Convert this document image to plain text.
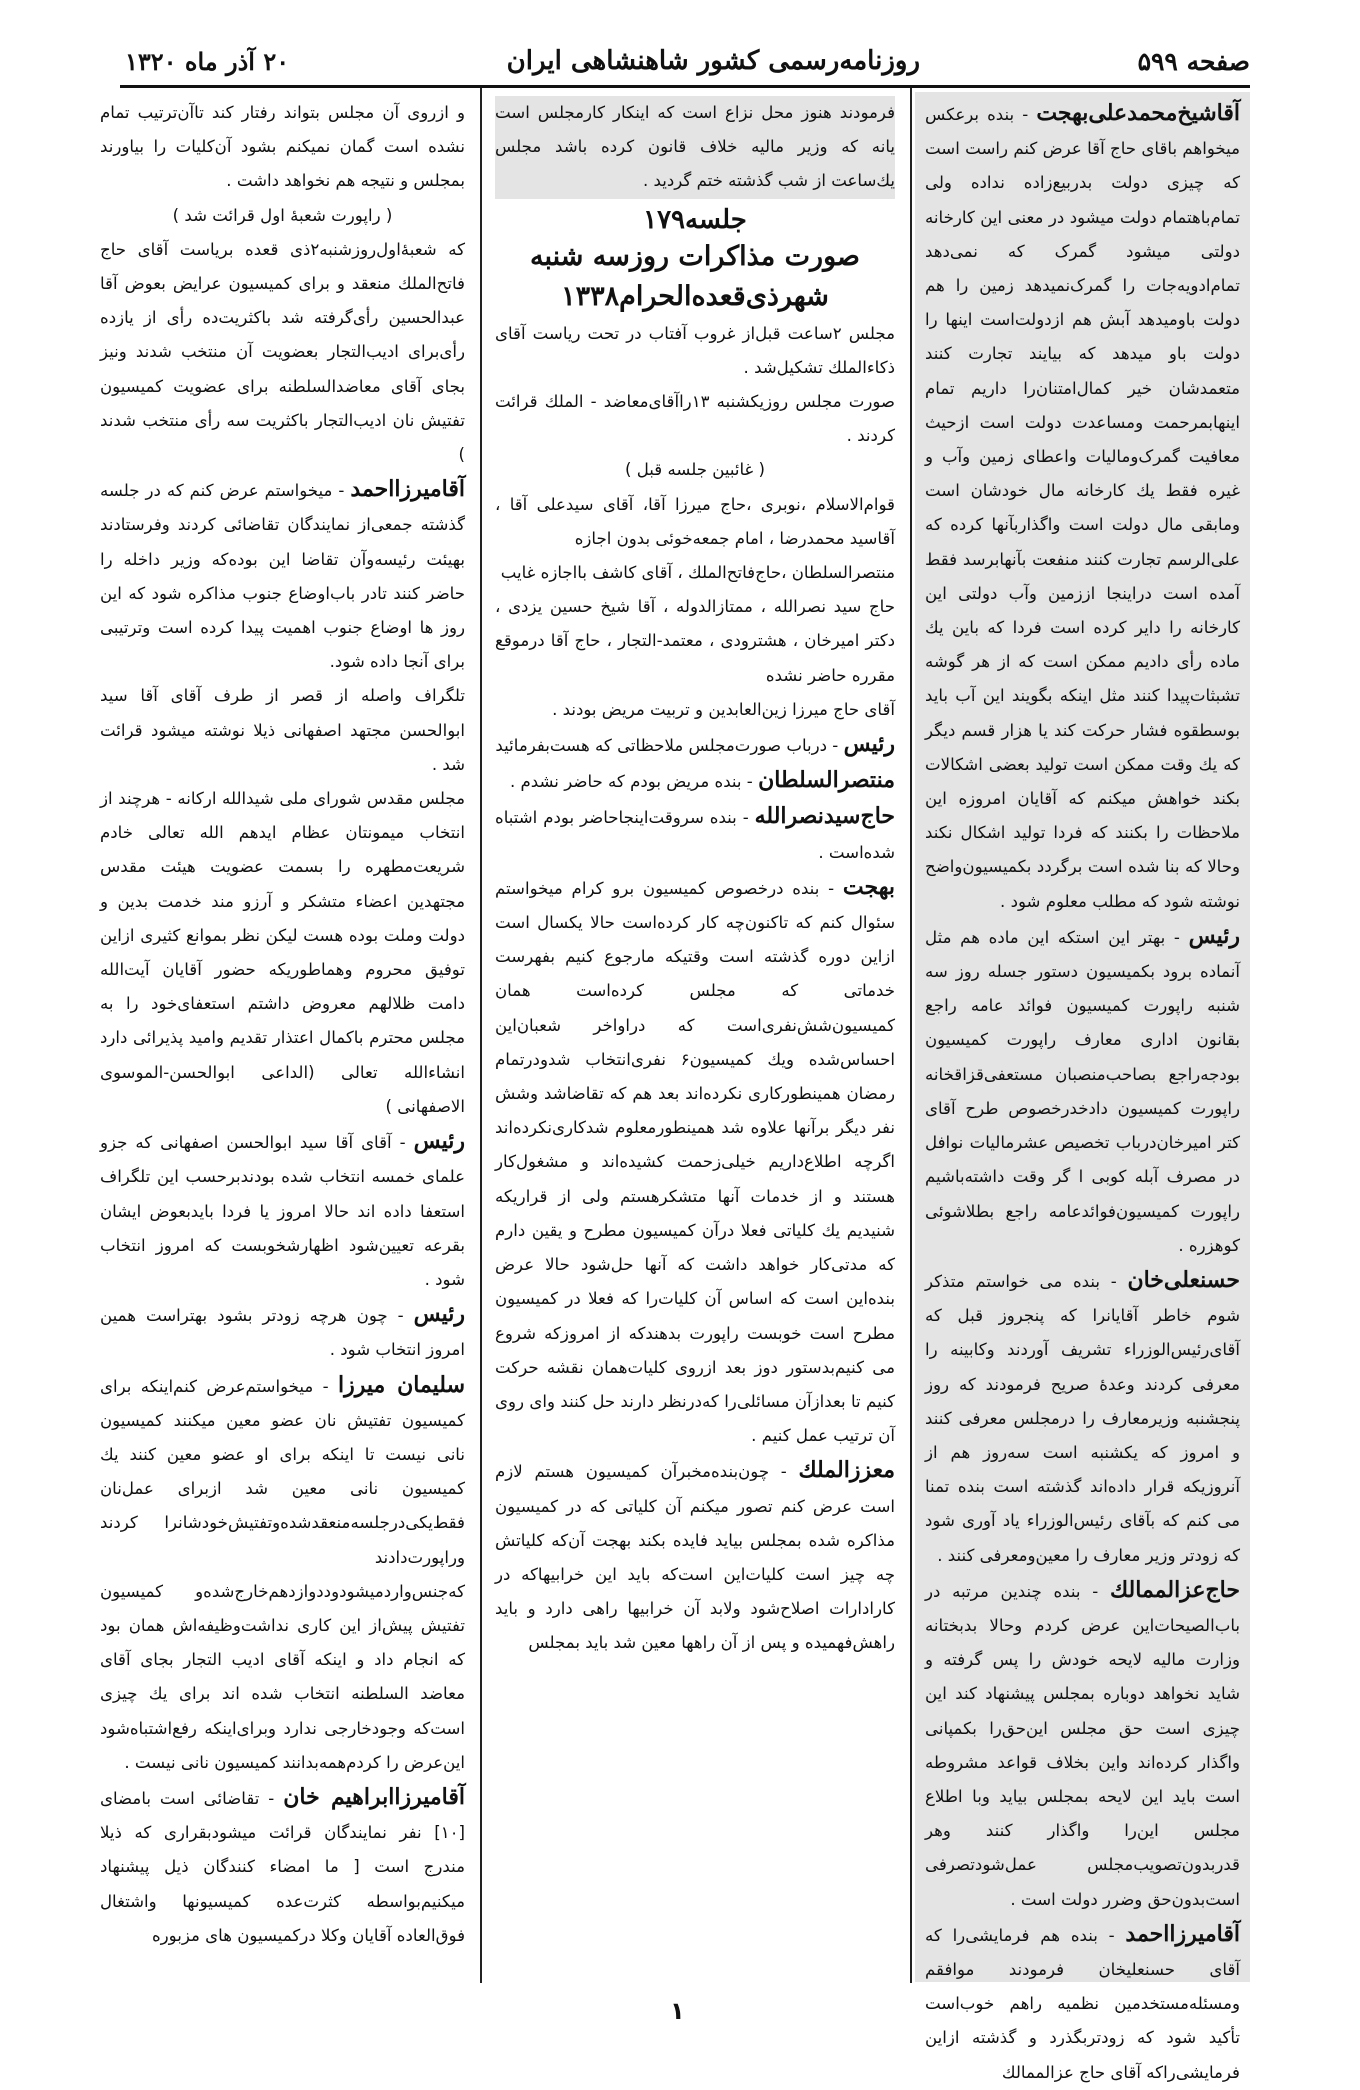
صفحه ۵۹۹
روزنامه‌رسمی کشور شاهنشاهی ایران
۲۰ آذر ماه ۱۳۲۰

آقاشیخ‌محمدعلی‌بهجت - بنده برعکس میخواهم باقای حاج آقا عرض کنم راست است که چیزی دولت بدربیع‌زاده نداده ولی تمام‌باهتمام دولت میشود در معنی این کارخانه دولتی میشود گمرک که نمی‌دهد تمام‌ادویه‌جات را گمرک‌نمیدهد زمین را هم دولت باومیدهد آبش هم ازدولت‌است اینها را دولت باو میدهد که بیایند تجارت کنند متعمدشان خیر کمال‌امتنان‌را داریم تمام اینها‌بمرحمت ومساعدت دولت است ازحیث معافیت گمرک‌ومالیات واعطای زمین وآب و غیره فقط یك کارخانه مال خودشان است ومابقی مال دولت است واگذار‌بآنها کرده که علی‌الرسم تجارت کنند منفعت بآنها‌برسد فقط آمده است دراینجا اززمین وآب دولتی این کارخانه را دایر کرده است فردا که باین یك ماده رأی دادیم ممکن است که از هر گوشه تشبثات‌پیدا کنند مثل اینکه بگویند این آب باید بوسطقوه فشار حرکت کند یا هزار قسم دیگر که یك وقت ممکن است تولید بعضی اشکالات بکند خواهش میکنم که آقایان امروزه این ملاحظات را بکنند که فردا تولید اشکال نکند وحالا که بنا شده است برگردد بکمیسیون‌واضح نوشته شود که مطلب معلوم شود .

رئیس - بهتر این استکه این ماده هم مثل آنماده برود بکمیسیون دستور جسله روز سه شنبه راپورت کمیسیون فوائد عامه راجع بقانون اداری معارف راپورت کمیسیون بودجه‌راجع بصاحب‌منصبان مستعفی‌قزاقخانه راپورت کمیسیون دادخدرخصوص طرح آقای کتر امیرخان‌درباب تخصیص عشر‌مالیات نوافل در مصرف آبله کوبی ا گر وقت داشته‌باشیم راپورت کمیسیون‌فوائدعامه راجع بطلاشوئی کوهزره .

حسنعلی‌خان - بنده می خواستم متذکر شوم خاطر آقایانرا که پنجروز قبل که آقای‌رئیس‌الوزراء تشریف آوردند وکابینه را معرفی کردند وعدهٔ صریح فرمودند که روز پنجشنبه وزیرمعارف را درمجلس معرفی کنند و امروز که یکشنبه است سه‌روز هم از آنروزیکه قرار داده‌اند گذشته است بنده تمنا می کنم که بآقای رئیس‌الوزراء یاد آوری شود که زودتر وزیر معارف را معین‌ومعرفی کنند .

حاج‌عزالممالك - بنده چندین مرتبه در باب‌الصیحات‌این عرض کردم وحالا بدبختانه وزارت مالیه لایحه خودش را پس گرفته و شاید نخواهد دوباره بمجلس پیشنهاد کند این چیزی است حق مجلس این‌حق‌را بکمپانی واگذار کرده‌اند واین بخلاف قواعد مشروطه است باید این لایحه بمجلس بیاید وبا اطلاع مجلس این‌را واگذار کنند وهر قدربدون‌تصویب‌مجلس عمل‌شودتصرفی است‌بدون‌حق وضرر دولت است .

آقامیرزااحمد - بنده هم فرمایشی‌را که آقای حسنعلیخان فرمودند موافقم ومسئله‌مستخدمین نظمیه راهم خوب‌است تأکید شود که زودتربگذرد و گذشته ازاین فرمایشی‌راکه آقای حاج عزالممالك

فرمودند هنوز محل نزاع است که اینکار کارمجلس است یانه که وزیر مالیه خلاف قانون کرده باشد مجلس یك‌ساعت از شب گذشته ختم گردید .

جلسه۱۷۹

صورت مذاکرات روزسه شنبه

شهرذی‌قعده‌الحرام۱۳۳۸

مجلس ۲ساعت قبل‌از غروب آفتاب در تحت ریاست آقای ذکاءالملك تشکیل‌شد .

صورت مجلس روزیکشنبه ۱۳راآقای‌معاضد - الملك قرائت کردند .

( غائبین جلسه قبل )

قوام‌الاسلام ،نوبری ،حاج میرزا آقا، آقای سیدعلی آقا ، آقاسید محمدرضا ، امام جمعه‌خوئی بدون اجازه

منتصرالسلطان ،حاج‌فاتح‌الملك ، آقای کاشف بااجازه غایب

حاج سید نصرالله ، ممتازالدوله ، آقا شیخ حسین یزدی ، دکتر امیرخان ، هشترودی ، معتمد-التجار ، حاج آقا درموقع مقرره حاضر نشده

آقای حاج میرزا زین‌العابدین و تربیت مریض بودند .

رئیس - درباب صورت‌مجلس ملاحظاتی که هست‌بفرمائید

منتصرالسلطان - بنده مریض بودم که حاضر نشدم .

حاج‌سیدنصرالله - بنده سروقت‌اینجاحاضر بودم اشتباه شده‌است .

بهجت - بنده درخصوص کمیسیون برو کرام میخواستم سئوال کنم که تاکنون‌چه کار کرده‌است حالا یکسال است ازاین دوره گذشته است وقتیکه مارجوع کنیم بفهرست خدماتی که مجلس کرده‌است همان کمیسیون‌شش‌نفری‌است که دراواخر شعبان‌این احساس‌شده ویك کمیسیون۶ نفری‌انتخاب شدودرتمام رمضان همینطورکاری نکرده‌اند بعد هم که تقاضاشد وشش نفر دیگر برآنها علاوه شد همینطورمعلوم شدکاری‌نکرده‌اند اگرچه اطلاع‌داریم خیلی‌زحمت کشیده‌اند و مشغول‌کار هستند و از خدمات آنها متشکرهستم ولی از قراریکه شنیدیم یك کلیاتی فعلا درآن کمیسیون مطرح و یقین دارم که مدتی‌کار خواهد داشت که آنها حل‌شود حالا عرض بنده‌این است که اساس آن کلیات‌را که فعلا در کمیسیون مطرح است خوبست راپورت بدهندکه از امروزکه شروع می کنیم‌بدستور دوز بعد ازروی کلیات‌همان نقشه حرکت کنیم تا بعدازآن مسائلی‌را که‌درنظر دارند حل کنند وای روی آن ترتیب عمل کنیم .

معززالملك - چون‌بنده‌مخبرآن کمیسیون هستم لازم است عرض کنم تصور میکنم آن کلیاتی که در کمیسیون مذاکره شده بمجلس بیاید فایده بکند بهجت آن‌که کلیاتش چه چیز است کلیات‌این است‌که باید این خرابیهاکه در کارادارات اصلاح‌شود ولابد آن خرابیها راهی دارد و باید راهش‌فهمیده و پس از آن راهها معین شد باید بمجلس

و ازروی آن مجلس بتواند رفتار کند تاآن‌ترتیب تمام نشده است گمان نمیکنم بشود آن‌کلیات را بیاورند بمجلس و نتیجه هم نخواهد داشت .

( راپورت شعبهٔ اول قرائت شد )

که شعبهٔ‌اول‌روزشنبه۲ذی قعده بریاست آقای حاج فاتح‌الملك منعقد و برای کمیسیون عرایض بعوض آقا عبدالحسین رأی‌گرفته شد باکثریت‌ده رأی از یازده رأی‌برای ادیب‌التجار بعضویت آن منتخب شدند ونیز بجای آقای معاضدالسلطنه برای عضویت کمیسیون تفتیش نان ادیب‌التجار باکثریت سه رأی منتخب شدند )

آقامیرزااحمد - میخواستم عرض کنم که در جلسه گذشته جمعی‌از نمایندگان تقاضائی کردند وفرستادند بهیئت رئیسه‌وآن تقاضا این بوده‌که وزیر داخله را حاضر کنند تادر باب‌اوضاع جنوب مذاکره شود که این روز ها اوضاع جنوب اهمیت پیدا کرده است وترتیبی برای آنجا داده شود.

تلگراف واصله از قصر از طرف آقای آقا سید ابوالحسن مجتهد اصفهانی ذیلا نوشته میشود قرائت شد .

مجلس مقدس شورای ملی شیدالله ارکانه - هرچند از انتخاب میمونتان عظام ایدهم الله تعالی خادم شریعت‌مطهره را بسمت عضویت هیئت مقدس مجتهدین اعضاء متشکر و آرزو مند خدمت بدین و دولت وملت بوده هست لیکن نظر بموانع کثیری ازاین توفیق محروم وهماطوریکه حضور آقایان آیت‌الله دامت ظلالهم معروض داشتم استعفای‌خود را به مجلس محترم باکمال اعتذار تقدیم وامید پذیرائی دارد انشاءالله تعالی (الداعی ابوالحسن-الموسوی الاصفهانی )

رئیس - آقای آقا سید ابوالحسن اصفهانی که جزو علمای خمسه انتخاب شده بودند‌بر‌حسب این تلگراف استعفا داده اند حالا امروز یا فردا بایدبعوض ایشان بقرعه تعیین‌شود اظهارشخوبست که امروز انتخاب شود .

رئیس - چون هرچه زودتر بشود بهتراست همین امروز انتخاب شود .

سلیمان میرزا - میخواستم‌عرض کنم‌اینکه برای کمیسیون تفتیش نان عضو معین میکنند کمیسیون نانی نیست تا اینکه برای او عضو معین کنند یك کمیسیون نانی معین شد ازبرای عمل‌نان فقط‌یکی‌درجلسه‌منعقدشده‌وتفتیش‌خودشانرا کردند وراپورت‌دادند که‌جنس‌وارد‌میشود‌وددواز‌دهم‌خارج‌شده‌و کمیسیون تفتیش پیش‌از این کاری نداشت‌وظیفه‌اش همان بود که انجام داد و اینکه آقای ادیب التجار بجای آقای معاضد السلطنه انتخاب شده اند برای یك چیزی است‌که وجودخارجی ندارد وبرای‌اینکه رفع‌اشتباه‌شود این‌عرض را کردم‌همه‌بدانند کمیسیون نانی نیست .

آقامیرزاابراهیم خان - تقاضائی است بامضای [۱۰] نفر نمایندگان قرائت میشود‌بقراری که ذیلا مندرج است [ ما امضاء کنندگان ذیل پیشنهاد میکنیم‌بواسطه کثرت‌عده کمیسیونها واشتغال فوق‌العاده آقایان وکلا درکمیسیون های مزبوره

۱
